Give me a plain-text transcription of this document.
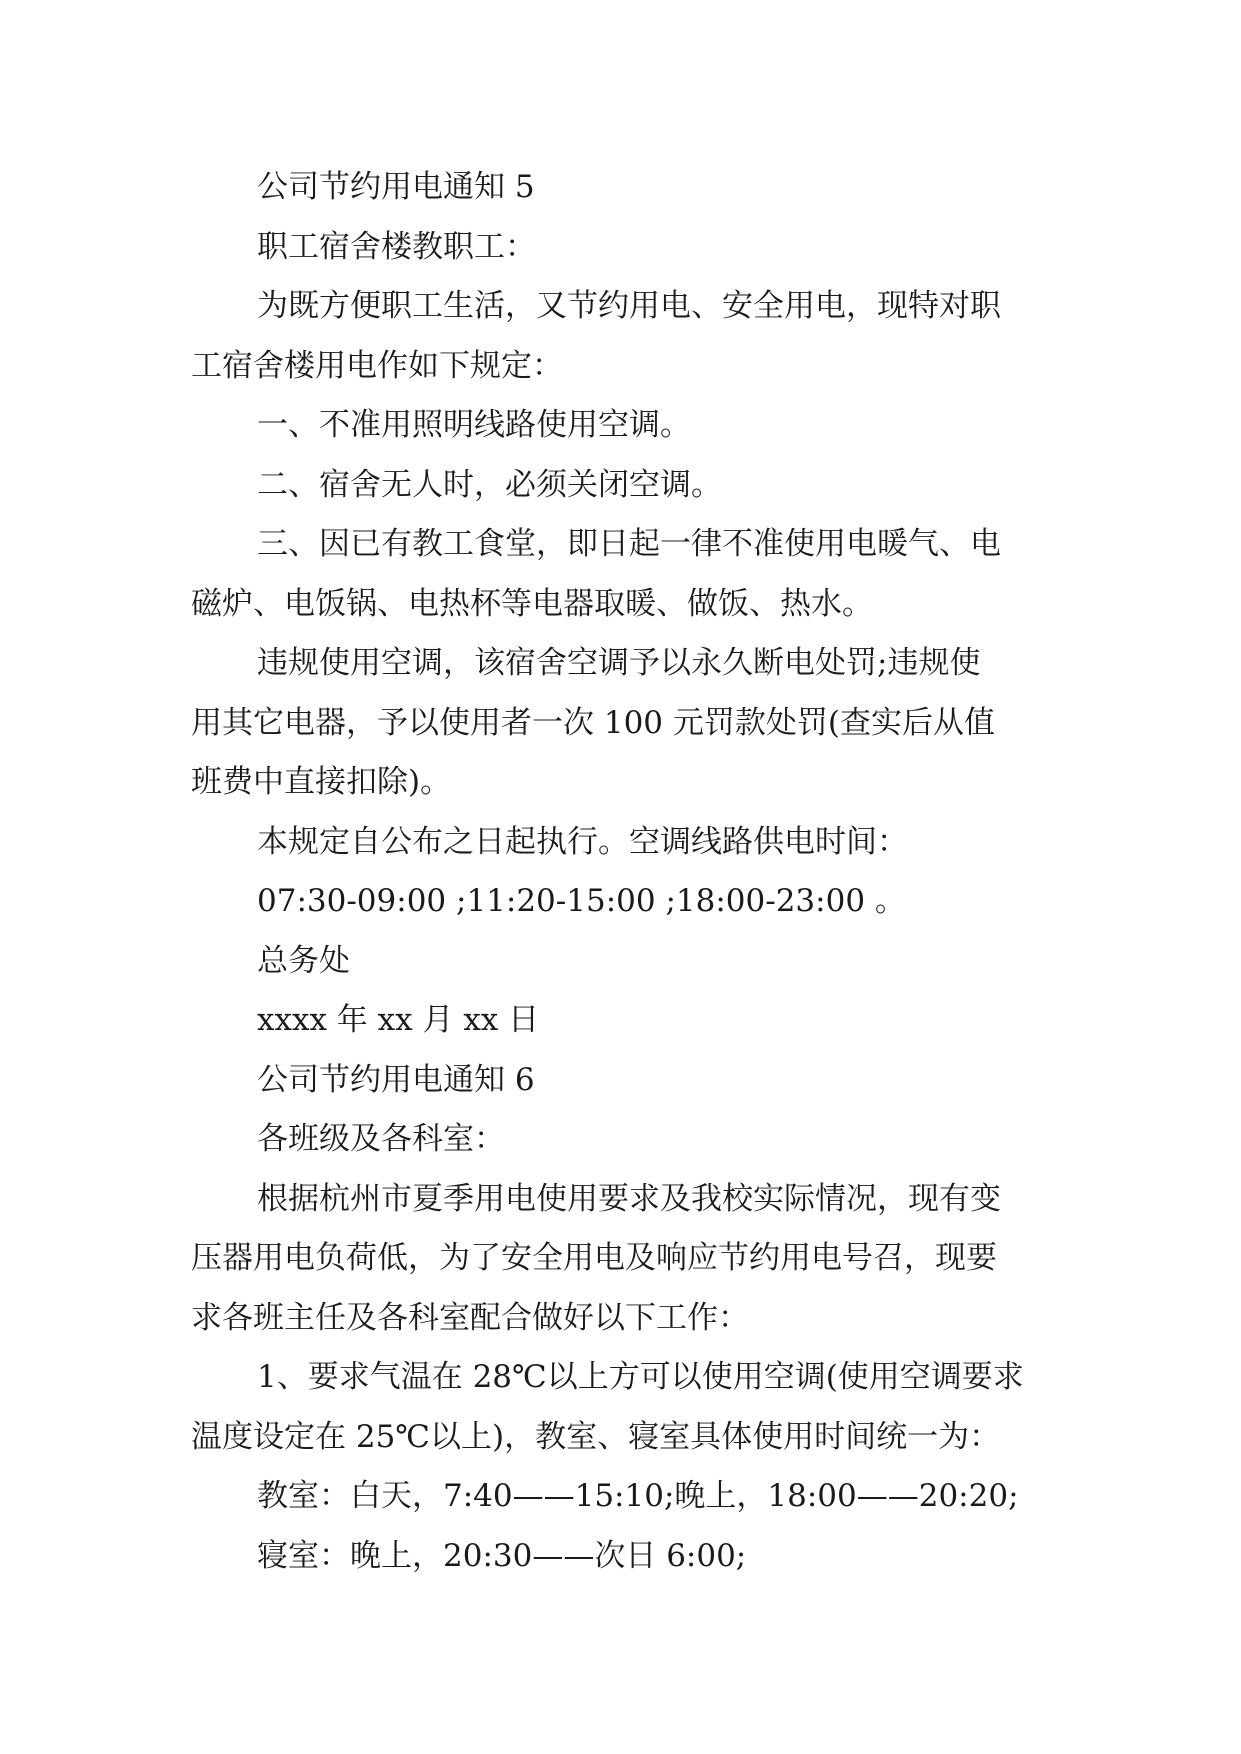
公司节约用电通知 5

职工宿舍楼教职工：

为既方便职工生活，又节约用电、安全用电，现特对职

工宿舍楼用电作如下规定：

一、不准用照明线路使用空调。

二、宿舍无人时，必须关闭空调。

三、因已有教工食堂，即日起一律不准使用电暖气、电

磁炉、电饭锅、电热杯等电器取暖、做饭、热水。

违规使用空调，该宿舍空调予以永久断电处罚;违规使

用其它电器，予以使用者一次 100 元罚款处罚(查实后从值

班费中直接扣除)。

本规定自公布之日起执行。空调线路供电时间：

07:30-09:00 ;11:20-15:00 ;18:00-23:00 。

总务处

xxxx 年 xx 月 xx 日

公司节约用电通知 6

各班级及各科室：

根据杭州市夏季用电使用要求及我校实际情况，现有变

压器用电负荷低，为了安全用电及响应节约用电号召，现要

求各班主任及各科室配合做好以下工作：

1、要求气温在 28℃以上方可以使用空调(使用空调要求

温度设定在 25℃以上)，教室、寝室具体使用时间统一为：

教室：白天，7:40——15:10;晚上，18:00——20:20;

寝室：晚上，20:30——次日 6:00;
